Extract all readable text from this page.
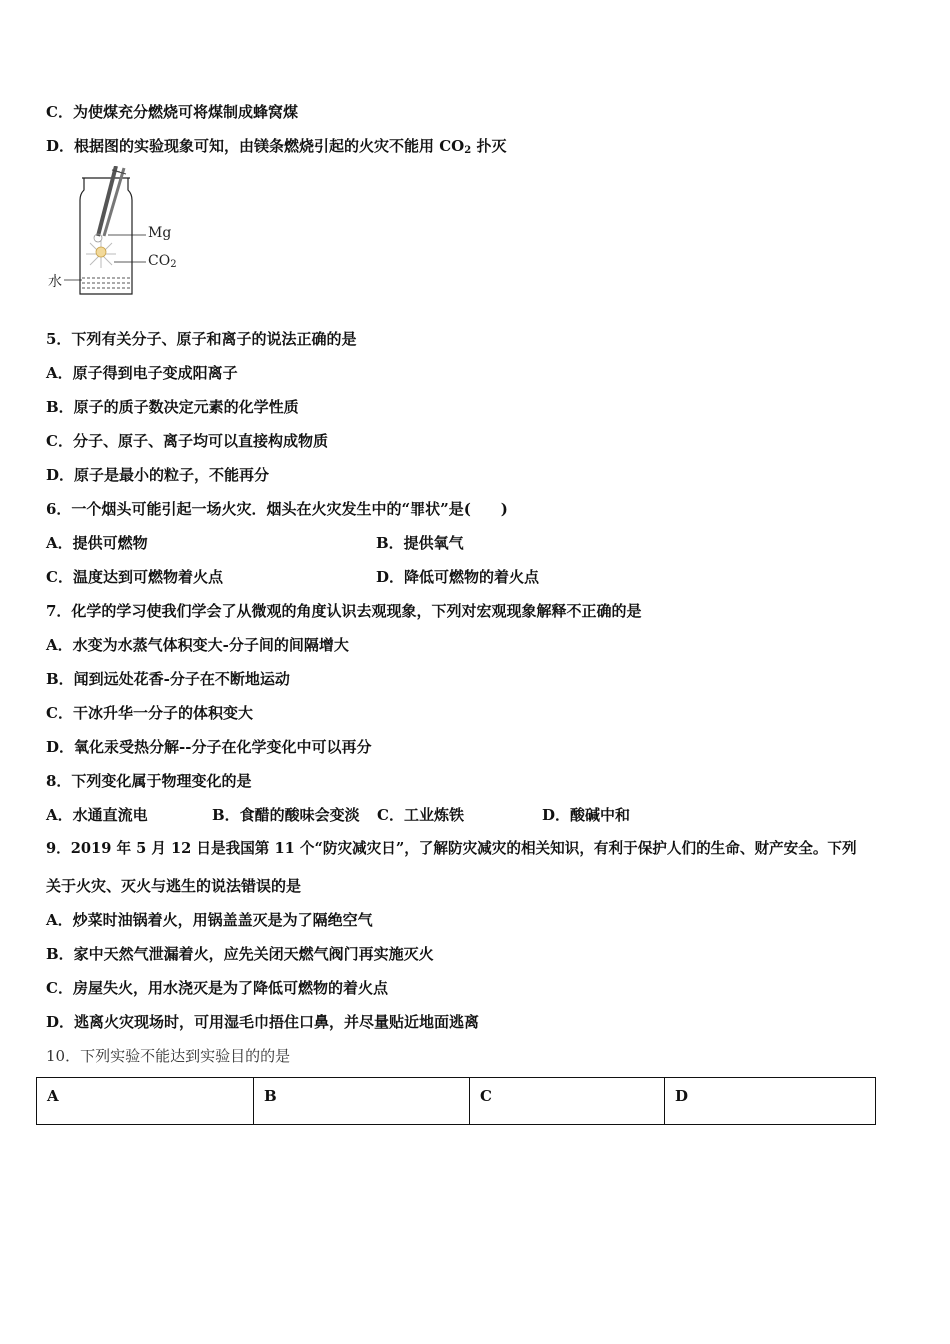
C．为使煤充分燃烧可将煤制成蜂窝煤
D．根据图的实验现象可知，由镁条燃烧引起的火灾不能用 $CO_2$ 扑灭
Mg
$CO_2$
水
5．下列有关分子、原子和离子的说法正确的是
A．原子得到电子变成阳离子
B．原子的质子数决定元素的化学性质
C．分子、原子、离子均可以直接构成物质
D．原子是最小的粒子，不能再分
6．一个烟头可能引起一场火灾．烟头在火灾发生中的“罪状”是(　　)
A．提供可燃物	B．提供氧气
C．温度达到可燃物着火点	D．降低可燃物的着火点
7．化学的学习使我们学会了从微观的角度认识去观现象，下列对宏观现象解释不正确的是
A．水变为水蒸气体积变大-分子间的间隔增大
B．闻到远处花香-分子在不断地运动
C．干冰升华一分子的体积变大
D．氧化汞受热分解--分子在化学变化中可以再分
8．下列变化属于物理变化的是
A．水通直流电	B．食醋的酸味会变淡 C．工业炼铁	D．酸碱中和
9．2019 年 5 月 12 日是我国第 11 个“防灾减灾日”，了解防灾减灾的相关知识，有利于保护人们的生命、财产安全。下列
关于火灾、灭火与逃生的说法错误的是
A．炒菜时油锅着火，用锅盖盖灭是为了隔绝空气
B．家中天然气泄漏着火，应先关闭天燃气阀门再实施灭火
C．房屋失火，用水浇灭是为了降低可燃物的着火点
D．逃离火灾现场时，可用湿毛巾捂住口鼻，并尽量贴近地面逃离
10．下列实验不能达到实验目的的是
A	B	C	D
